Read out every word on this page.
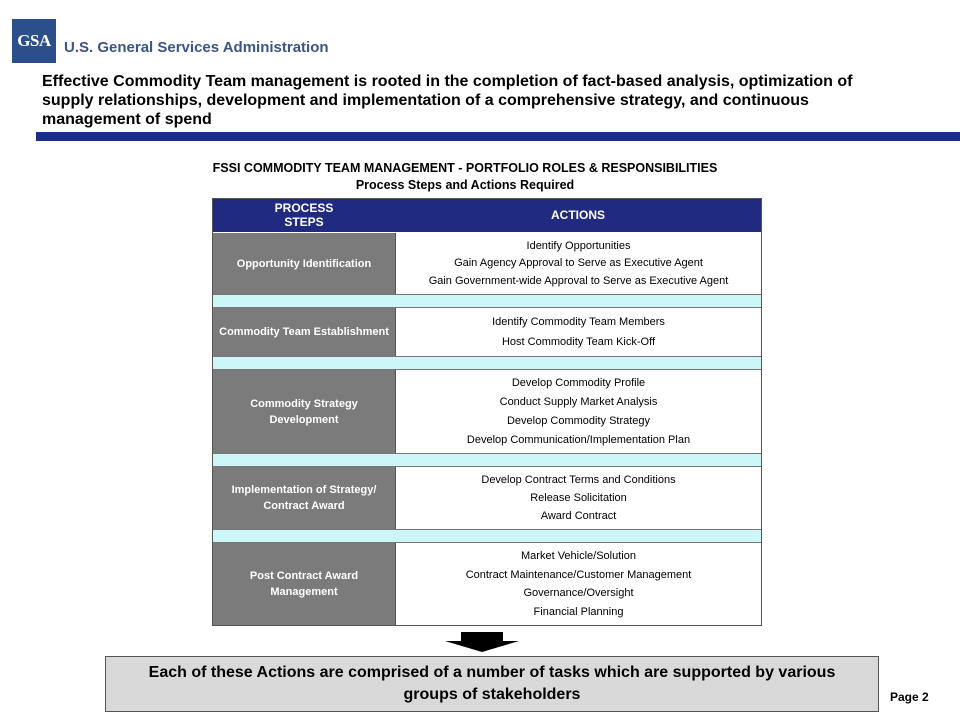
GSA U.S. General Services Administration
Effective Commodity Team management is rooted in the completion of fact-based analysis, optimization of supply relationships, development and implementation of a comprehensive strategy, and continuous management of spend
FSSI COMMODITY TEAM MANAGEMENT - PORTFOLIO ROLES & RESPONSIBILITIES
Process Steps and Actions Required
PROCESS STEPS	ACTIONS
Opportunity Identification
Identify Opportunities
Gain Agency Approval to Serve as Executive Agent
Gain Government-wide Approval to Serve as Executive Agent
Commodity Team Establishment
Identify Commodity Team Members
Host Commodity Team Kick-Off
Commodity Strategy Development
Develop Commodity Profile
Conduct Supply Market Analysis
Develop Commodity Strategy
Develop Communication/Implementation Plan
Implementation of Strategy/ Contract Award
Develop Contract Terms and Conditions
Release Solicitation
Award Contract
Post Contract Award Management
Market Vehicle/Solution
Contract Maintenance/Customer Management
Governance/Oversight
Financial Planning
Each of these Actions are comprised of a number of tasks which are supported by various groups of stakeholders	Page 2
